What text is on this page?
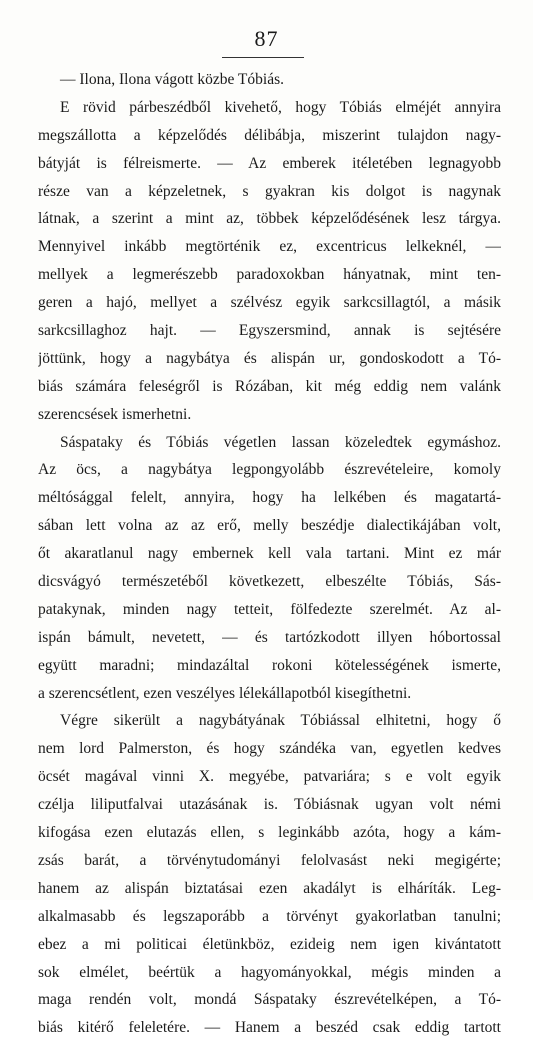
87
— Ilona, Ilona vágott közbe Tóbiás.
E rövid párbeszédből kivehető, hogy Tóbiás elméjét annyira
megszállotta a képzelődés délibábja, miszerint tulajdon nagy-
bátyját is félreismerte. — Az emberek itéletében legnagyobb
része van a képzeletnek, s gyakran kis dolgot is nagynak
látnak, a szerint a mint az, többek képzelődésének lesz tárgya.
Mennyivel inkább megtörténik ez, excentricus lelkeknél, —
mellyek a legmerészebb paradoxokban hányatnak, mint ten-
geren a hajó, mellyet a szélvész egyik sarkcsillagtól, a másik
sarkcsillaghoz hajt. — Egyszersmind, annak is sejtésére
jöttünk, hogy a nagybátya és alispán ur, gondoskodott a Tó-
biás számára feleségről is Rózában, kit még eddig nem valánk
szerencsések ismerhetni.
Sáspataky és Tóbiás végetlen lassan közeledtek egymáshoz.
Az öcs, a nagybátya legpongyolább észrevételeire, komoly
méltósággal felelt, annyira, hogy ha lelkében és magatartá-
sában lett volna az az erő, melly beszédje dialectikájában volt,
őt akaratlanul nagy embernek kell vala tartani. Mint ez már
dicsvágyó természetéből következett, elbeszélte Tóbiás, Sás-
patakynak, minden nagy tetteit, fölfedezte szerelmét. Az al-
ispán bámult, nevetett, — és tartózkodott illyen hóbortossal
együtt maradni; mindazáltal rokoni kötelességének ismerte,
a szerencsétlent, ezen veszélyes lélekállapotból kisegíthetni.
Végre sikerült a nagybátyának Tóbiással elhitetni, hogy ő
nem lord Palmerston, és hogy szándéka van, egyetlen kedves
öcsét magával vinni X. megyébe, patvariára; s e volt egyik
czélja liliputfalvai utazásának is. Tóbiásnak ugyan volt némi
kifogása ezen elutazás ellen, s leginkább azóta, hogy a kám-
zsás barát, a törvénytudományi felolvasást neki megigérte;
hanem az alispán biztatásai ezen akadályt is elháríták. Leg-
alkalmasabb és legszaporább a törvényt gyakorlatban tanulni;
ebez a mi politicai életünkböz, ezideig nem igen kivántatott
sok elmélet, beértük a hagyományokkal, mégis minden a
maga rendén volt, mondá Sáspataky észrevételképen, a Tó-
biás kitérő feleletére. — Hanem a beszéd csak eddig tartott
